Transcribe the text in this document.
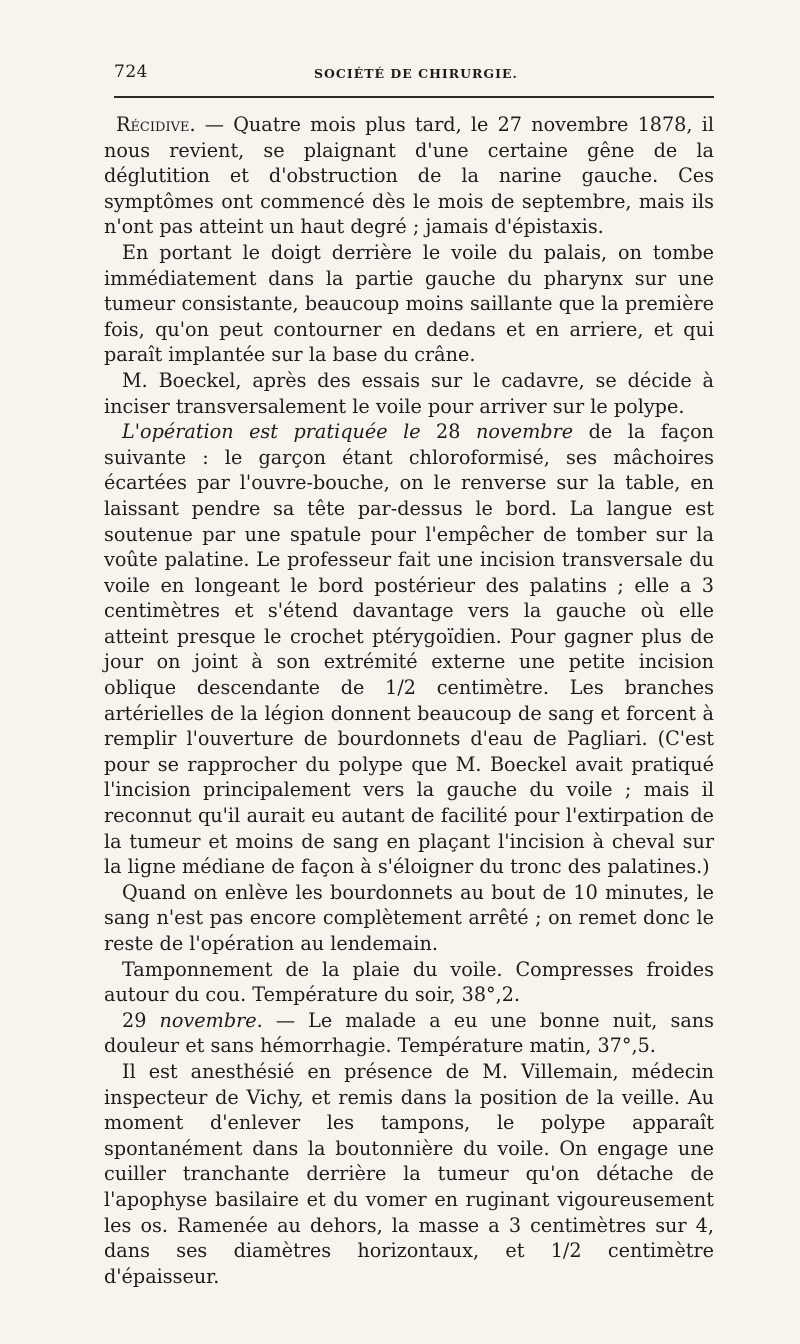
724	SOCIÉTÉ DE CHIRURGIE.

Récidive. — Quatre mois plus tard, le 27 novembre 1878, il nous revient, se plaignant d'une certaine gêne de la déglutition et d'obstruction de la narine gauche. Ces symptômes ont commencé dès le mois de septembre, mais ils n'ont pas atteint un haut degré ; jamais d'épistaxis.

En portant le doigt derrière le voile du palais, on tombe immédiatement dans la partie gauche du pharynx sur une tumeur consistante, beaucoup moins saillante que la première fois, qu'on peut contourner en dedans et en arriere, et qui paraît implantée sur la base du crâne.

M. Boeckel, après des essais sur le cadavre, se décide à inciser transversalement le voile pour arriver sur le polype.

L'opération est pratiquée le 28 novembre de la façon suivante : le garçon étant chloroformisé, ses mâchoires écartées par l'ouvre-bouche, on le renverse sur la table, en laissant pendre sa tête par-dessus le bord. La langue est soutenue par une spatule pour l'empêcher de tomber sur la voûte palatine. Le professeur fait une incision transversale du voile en longeant le bord postérieur des palatins ; elle a 3 centimètres et s'étend davantage vers la gauche où elle atteint presque le crochet ptérygoïdien. Pour gagner plus de jour on joint à son extrémité externe une petite incision oblique descendante de 1/2 centimètre. Les branches artérielles de la légion donnent beaucoup de sang et forcent à remplir l'ouverture de bourdonnets d'eau de Pagliari. (C'est pour se rapprocher du polype que M. Boeckel avait pratiqué l'incision principalement vers la gauche du voile ; mais il reconnut qu'il aurait eu autant de facilité pour l'extirpation de la tumeur et moins de sang en plaçant l'incision à cheval sur la ligne médiane de façon à s'éloigner du tronc des palatines.)

Quand on enlève les bourdonnets au bout de 10 minutes, le sang n'est pas encore complètement arrêté ; on remet donc le reste de l'opération au lendemain.

Tamponnement de la plaie du voile. Compresses froides autour du cou. Température du soir, 38°,2.

29 novembre. — Le malade a eu une bonne nuit, sans douleur et sans hémorrhagie. Température matin, 37°,5.

Il est anesthésié en présence de M. Villemain, médecin inspecteur de Vichy, et remis dans la position de la veille. Au moment d'enlever les tampons, le polype apparaît spontanément dans la boutonnière du voile. On engage une cuiller tranchante derrière la tumeur qu'on détache de l'apophyse basilaire et du vomer en ruginant vigoureusement les os. Ramenée au dehors, la masse a 3 centimètres sur 4, dans ses diamètres horizontaux, et 1/2 centimètre d'épaisseur.
